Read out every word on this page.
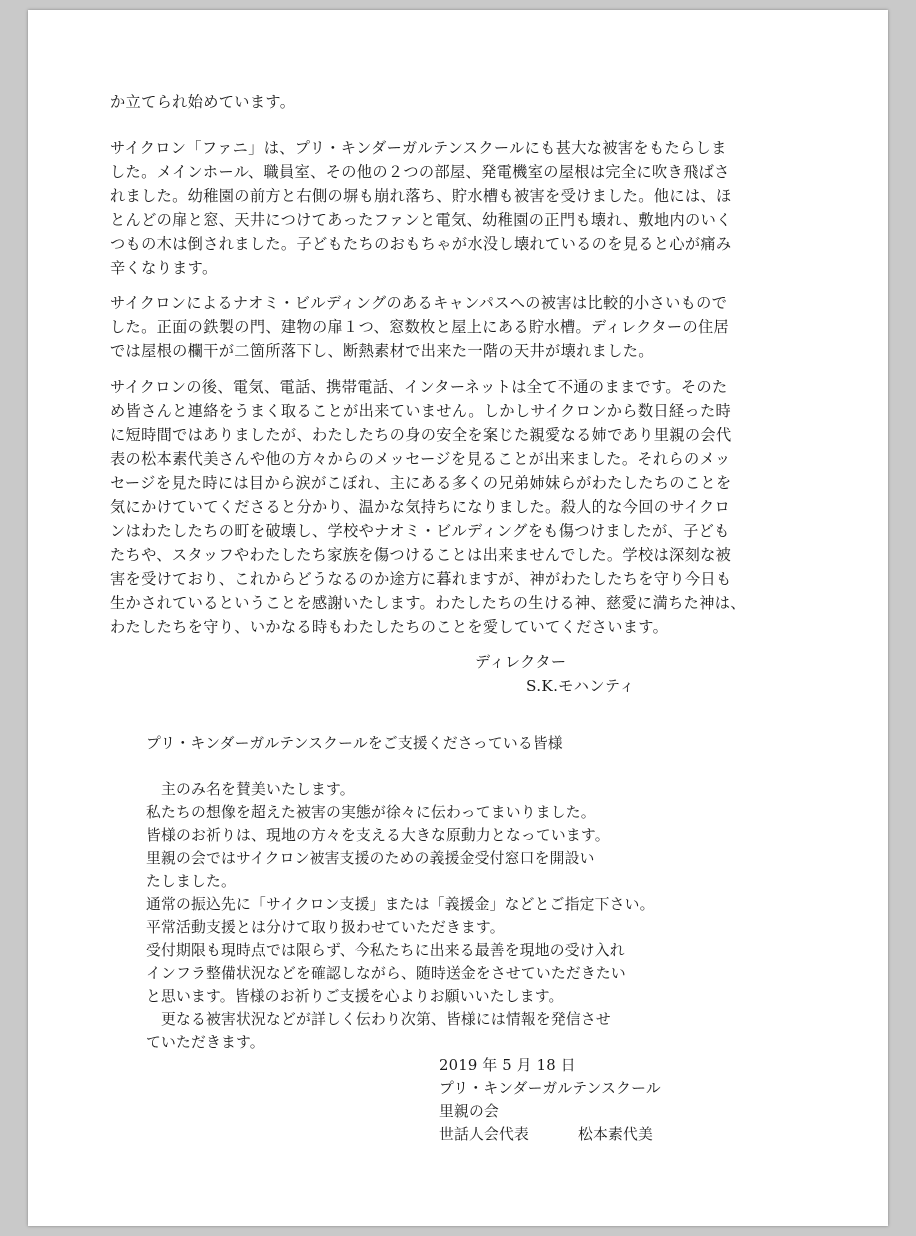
か立てられ始めています。
サイクロン「ファニ」は、プリ・キンダーガルテンスクールにも甚大な被害をもたらしま
した。メインホール、職員室、その他の２つの部屋、発電機室の屋根は完全に吹き飛ばさ
れました。幼稚園の前方と右側の塀も崩れ落ち、貯水槽も被害を受けました。他には、ほ
とんどの扉と窓、天井につけてあったファンと電気、幼稚園の正門も壊れ、敷地内のいく
つもの木は倒されました。子どもたちのおもちゃが水没し壊れているのを見ると心が痛み
辛くなります。
サイクロンによるナオミ・ビルディングのあるキャンパスへの被害は比較的小さいもので
した。正面の鉄製の門、建物の扉１つ、窓数枚と屋上にある貯水槽。ディレクターの住居
では屋根の欄干が二箇所落下し、断熱素材で出来た一階の天井が壊れました。
サイクロンの後、電気、電話、携帯電話、インターネットは全て不通のままです。そのた
め皆さんと連絡をうまく取ることが出来ていません。しかしサイクロンから数日経った時
に短時間ではありましたが、わたしたちの身の安全を案じた親愛なる姉であり里親の会代
表の松本素代美さんや他の方々からのメッセージを見ることが出来ました。それらのメッ
セージを見た時には目から涙がこぼれ、主にある多くの兄弟姉妹らがわたしたちのことを
気にかけていてくださると分かり、温かな気持ちになりました。殺人的な今回のサイクロ
ンはわたしたちの町を破壊し、学校やナオミ・ビルディングをも傷つけましたが、子ども
たちや、スタッフやわたしたち家族を傷つけることは出来ませんでした。学校は深刻な被
害を受けており、これからどうなるのか途方に暮れますが、神がわたしたちを守り今日も
生かされているということを感謝いたします。わたしたちの生ける神、慈愛に満ちた神は、
わたしたちを守り、いかなる時もわたしたちのことを愛していてくださいます。
ディレクター
S.K.モハンティ
プリ・キンダーガルテンスクールをご支援くださっている皆様
　主のみ名を賛美いたします。
私たちの想像を超えた被害の実態が徐々に伝わってまいりました。
皆様のお祈りは、現地の方々を支える大きな原動力となっています。
里親の会ではサイクロン被害支援のための義援金受付窓口を開設い
たしました。
通常の振込先に「サイクロン支援」または「義援金」などとご指定下さい。
平常活動支援とは分けて取り扱わせていただきます。
受付期限も現時点では限らず、今私たちに出来る最善を現地の受け入れ
インフラ整備状況などを確認しながら、随時送金をさせていただきたい
と思います。皆様のお祈りご支援を心よりお願いいたします。
　更なる被害状況などが詳しく伝わり次第、皆様には情報を発信させ
ていただきます。
2019 年 5 月 18 日
プリ・キンダーガルテンスクール
里親の会
世話人会代表	松本素代美
